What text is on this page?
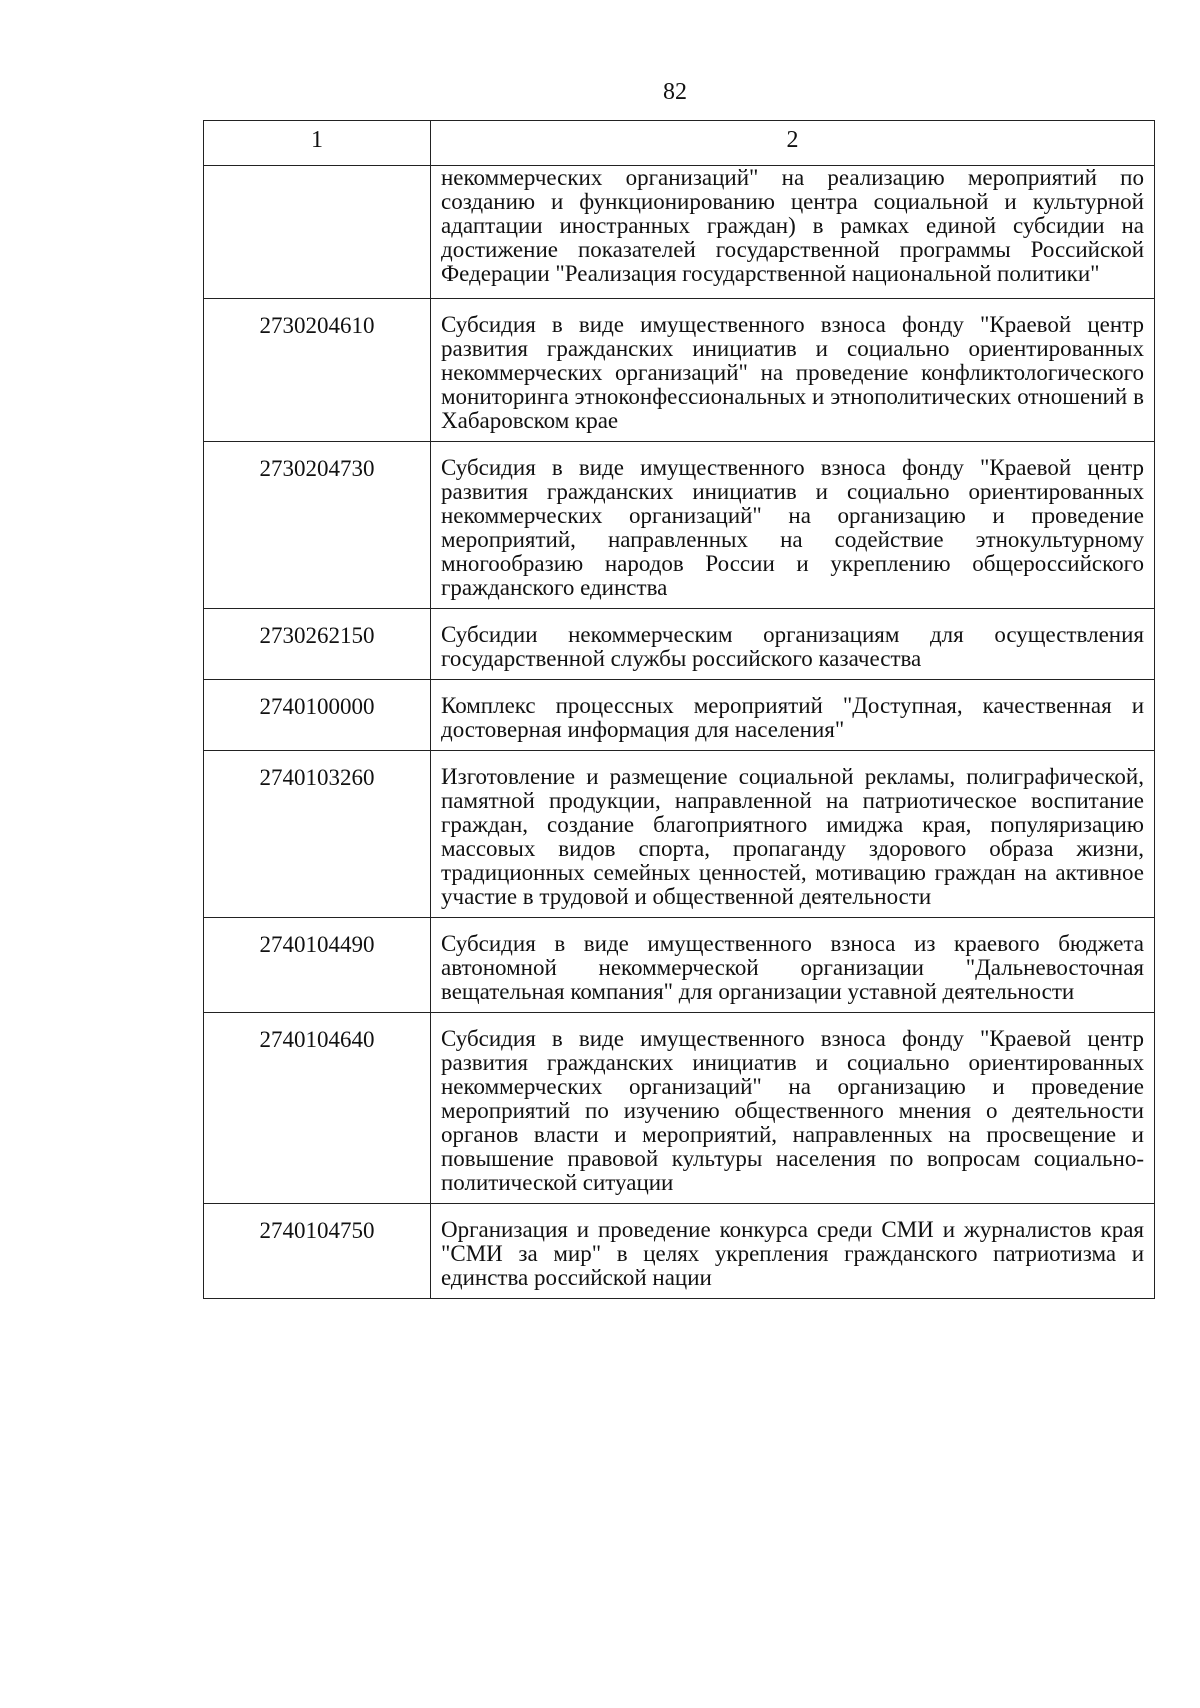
82
1	2
	некоммерческих организаций" на реализацию мероприятий по созданию и функционированию центра социальной и культурной адаптации иностранных граждан) в рамках единой субсидии на достижение показателей государственной программы Российской Федерации "Реализация государственной национальной политики"
2730204610	Субсидия в виде имущественного взноса фонду "Краевой центр развития гражданских инициатив и социально ориентированных некоммерческих организаций" на проведение конфликтологического мониторинга этноконфессиональных и этнополитических отношений в Хабаровском крае
2730204730	Субсидия в виде имущественного взноса фонду "Краевой центр развития гражданских инициатив и социально ориентированных некоммерческих организаций" на организацию и проведение мероприятий, направленных на содействие этнокультурному многообразию народов России и укреплению общероссийского гражданского единства
2730262150	Субсидии некоммерческим организациям для осуществления государственной службы российского казачества
2740100000	Комплекс процессных мероприятий "Доступная, качественная и достоверная информация для населения"
2740103260	Изготовление и размещение социальной рекламы, полиграфической, памятной продукции, направленной на патриотическое воспитание граждан, создание благоприятного имиджа края, популяризацию массовых видов спорта, пропаганду здорового образа жизни, традиционных семейных ценностей, мотивацию граждан на активное участие в трудовой и общественной деятельности
2740104490	Субсидия в виде имущественного взноса из краевого бюджета автономной некоммерческой организации "Дальневосточная вещательная компания" для организации уставной деятельности
2740104640	Субсидия в виде имущественного взноса фонду "Краевой центр развития гражданских инициатив и социально ориентированных некоммерческих организаций" на организацию и проведение мероприятий по изучению общественного мнения о деятельности органов власти и мероприятий, направленных на просвещение и повышение правовой культуры населения по вопросам социально-политической ситуации
2740104750	Организация и проведение конкурса среди СМИ и журналистов края "СМИ за мир" в целях укрепления гражданского патриотизма и единства российской нации
